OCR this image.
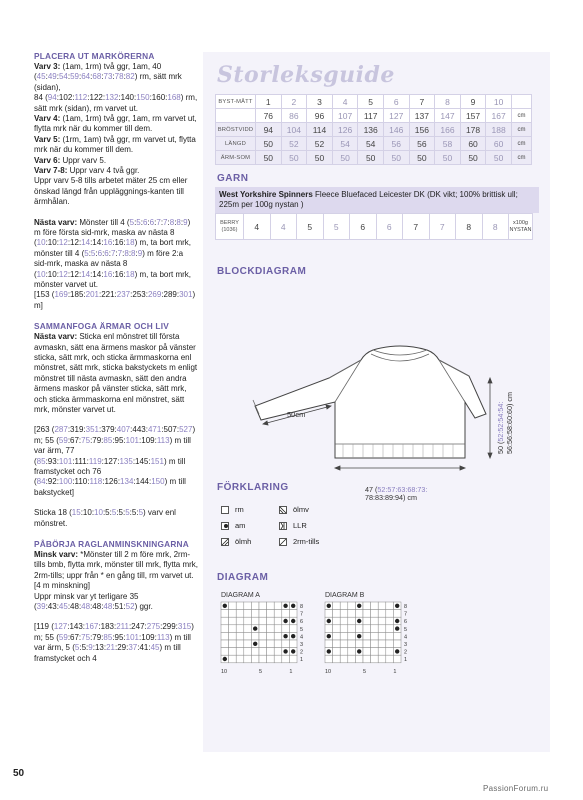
PLACERA UT MARKÖRERNA

Varv 3: (1am, 1rm) två ggr, 1am, 40 (45:49:54:59:64:68:73:78:82) rm, sätt mrk (sidan),

84 (94:102:112:122:132:140:150:160:168) rm, sätt mrk (sidan), rm varvet ut.

Varv 4: (1am, 1rm) två ggr, 1am, rm varvet ut, flytta mrk när du kommer till dem.

Varv 5: (1rm, 1am) två ggr, rm varvet ut, flytta mrk när du kommer till dem.

Varv 6: Uppr varv 5.

Varv 7-8: Uppr varv 4 två ggr.

Uppr varv 5-8 tills arbetet mäter 25 cm eller önskad längd från uppläggnings-kanten till ärmhålan.

Nästa varv: Mönster till 4 (5:5:6:6:7:7:8:8:9) m före första sid-mrk, maska av nästa 8 (10:10:12:12:14:14:16:16:18) m, ta bort mrk, mönster till 4 (5:5:6:6:7:7:8:8:9) m före 2:a sid-mrk, maska av nästa 8 (10:10:12:12:14:14:16:16:18) m, ta bort mrk, mönster varvet ut.

[153 (169:185:201:221:237:253:269:289:301) m]

SAMMANFOGA ÄRMAR OCH LIV

Nästa varv: Sticka enl mönstret till första avmaskn, sätt ena ärmens maskor på vänster sticka, sätt mrk, och sticka ärmmaskorna enl mönstret, sätt mrk, sticka bakstyckets m enligt mönstret till nästa avmaskn, sätt den andra ärmens maskor på vänster sticka, sätt mrk, och sticka ärmmaskorna enl mönstret, sätt mrk, mönster varvet ut.

[263 (287:319:351:379:407:443:471:507:527) m; 55 (59:67:75:79:85:95:101:109:113) m till var ärm, 77 (85:93:101:111:119:127:135:145:151) m till framstycket och 76 (84:92:100:110:118:126:134:144:150) m till bakstycket]

Sticka 18 (15:10:10:5:5:5:5:5:5) varv enl mönstret.

PÅBÖRJA RAGLANMINSKNINGARNA

Minsk varv: *Mönster till 2 m före mrk, 2rm-tills bmb, flytta mrk, mönster till mrk, flytta mrk, 2rm-tills; uppr från * en gång till, rm varvet ut. [4 m minskning]

Uppr minsk var yt terligare 35 (39:43:45:48:48:48:48:51:52) ggr.

[119 (127:143:167:183:211:247:275:299:315) m; 55 (59:67:75:79:85:95:101:109:113) m till var ärm, 5 (5:5:9:13:21:29:37:41:45) m till framstycket och 4

Storleksguide
BYST-MÅTT	1	2	3	4	5	6	7	8	9	10	
	76	86	96	107	117	127	137	147	157	167	cm
BRÖSTVIDD	94	104	114	126	136	146	156	166	178	188	cm
LÄNGD	50	52	52	54	54	56	56	58	60	60	cm
ÄRM-SOM	50	50	50	50	50	50	50	50	50	50	cm
GARN
West Yorkshire Spinners Fleece Bluefaced Leicester DK (DK vikt; 100% brittisk ull; 225m per 100g nystan )
BERRY (1036)	4	4	5	5	6	6	7	7	8	8	x100g NYSTAN
BLOCKDIAGRAM
50cm
50 (52:52:54:54: 56:56:58:60:60) cm
47 (52:57:63:68:73:
78:83:89:94) cm
FÖRKLARING
rm
am
ölmh
ölmv
LLR
2rm-tills
DIAGRAM
DIAGRAM A
8
7
6
5
4
3
2
1
10	5	1
DIAGRAM B
8
7
6
5
4
3
2
1
10	5	1
50
PassionForum.ru
